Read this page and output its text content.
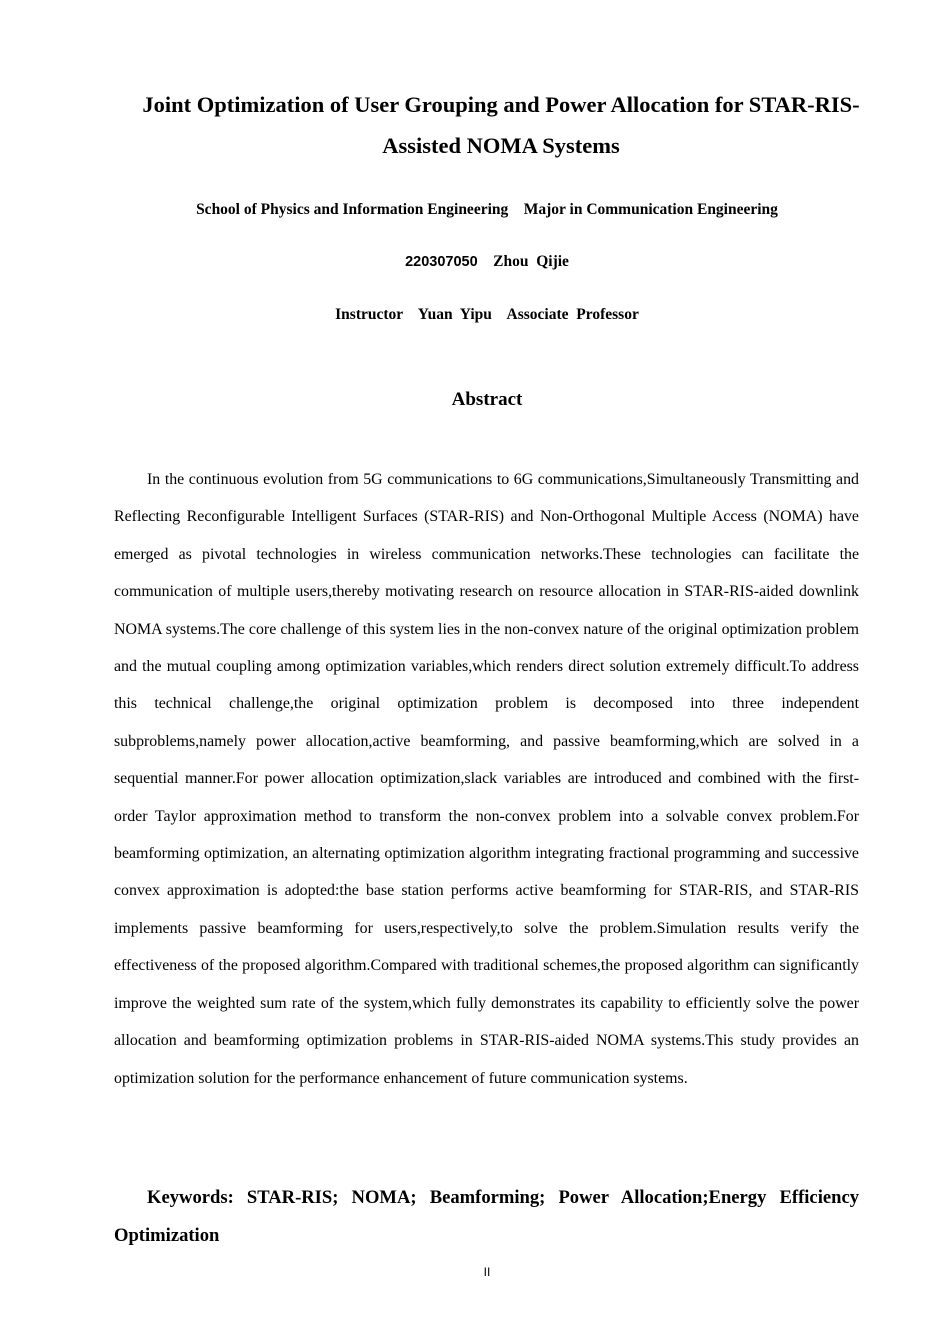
Joint Optimization of User Grouping and Power Allocation for STAR-RIS-Assisted NOMA Systems
School of Physics and Information Engineering    Major in Communication Engineering
220307050    Zhou  Qijie
Instructor    Yuan  Yipu    Associate  Professor
Abstract

In the continuous evolution from 5G communications to 6G communications,Simultaneously Transmitting and Reflecting Reconfigurable Intelligent Surfaces (STAR-RIS) and Non-Orthogonal Multiple Access (NOMA) have emerged as pivotal technologies in wireless communication networks.These technologies can facilitate the communication of multiple users,thereby motivating research on resource allocation in STAR-RIS-aided downlink NOMA systems.The core challenge of this system lies in the non-convex nature of the original optimization problem and the mutual coupling among optimization variables,which renders direct solution extremely difficult.To address this technical challenge,the original optimization problem is decomposed into three independent subproblems,namely power allocation,active beamforming, and passive beamforming,which are solved in a sequential manner.For power allocation optimization,slack variables are introduced and combined with the first-order Taylor approximation method to transform the non-convex problem into a solvable convex problem.For beamforming optimization, an alternating optimization algorithm integrating fractional programming and successive convex approximation is adopted:the base station performs active beamforming for STAR-RIS, and STAR-RIS implements passive beamforming for users,respectively,to solve the problem.Simulation results verify the effectiveness of the proposed algorithm.Compared with traditional schemes,the proposed algorithm can significantly improve the weighted sum rate of the system,which fully demonstrates its capability to efficiently solve the power allocation and beamforming optimization problems in STAR-RIS-aided NOMA systems.This study provides an optimization solution for the performance enhancement of future communication systems.

Keywords: STAR-RIS; NOMA; Beamforming; Power Allocation;Energy Efficiency Optimization

II
